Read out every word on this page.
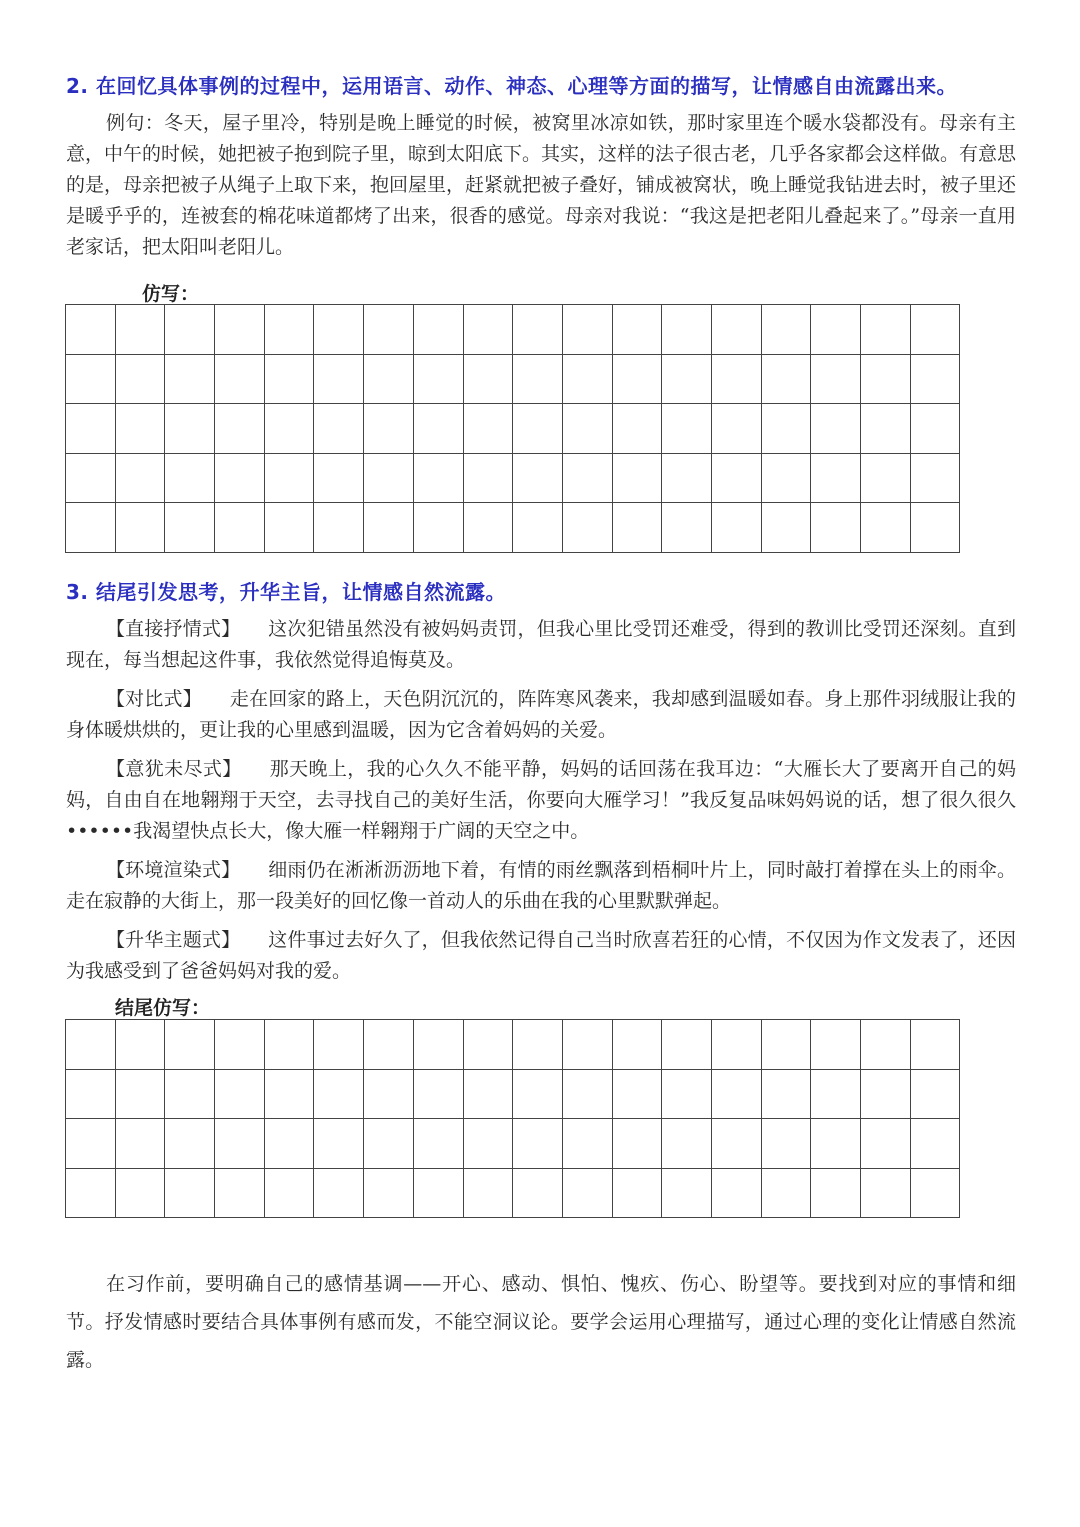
2. 在回忆具体事例的过程中，运用语言、动作、神态、心理等方面的描写，让情感自由流露出来。
例句：冬天，屋子里冷，特别是晚上睡觉的时候，被窝里冰凉如铁，那时家里连个暖水袋都没有。母亲有主意，中午的时候，她把被子抱到院子里，晾到太阳底下。其实，这样的法子很古老，几乎各家都会这样做。有意思的是，母亲把被子从绳子上取下来，抱回屋里，赶紧就把被子叠好，铺成被窝状，晚上睡觉我钻进去时，被子里还是暖乎乎的，连被套的棉花味道都烤了出来，很香的感觉。母亲对我说：“我这是把老阳儿叠起来了。”母亲一直用老家话，把太阳叫老阳儿。
仿写：

3. 结尾引发思考，升华主旨，让情感自然流露。
【直接抒情式】 这次犯错虽然没有被妈妈责罚，但我心里比受罚还难受，得到的教训比受罚还深刻。直到现在，每当想起这件事，我依然觉得追悔莫及。
【对比式】 走在回家的路上，天色阴沉沉的，阵阵寒风袭来，我却感到温暖如春。身上那件羽绒服让我的身体暖烘烘的，更让我的心里感到温暖，因为它含着妈妈的关爱。
【意犹未尽式】 那天晚上，我的心久久不能平静，妈妈的话回荡在我耳边：“大雁长大了要离开自己的妈妈，自由自在地翱翔于天空，去寻找自己的美好生活，你要向大雁学习！”我反复品味妈妈说的话，想了很久很久••••••我渴望快点长大，像大雁一样翱翔于广阔的天空之中。
【环境渲染式】 细雨仍在淅淅沥沥地下着，有情的雨丝飘落到梧桐叶片上，同时敲打着撑在头上的雨伞。走在寂静的大街上，那一段美好的回忆像一首动人的乐曲在我的心里默默弹起。
【升华主题式】 这件事过去好久了，但我依然记得自己当时欣喜若狂的心情，不仅因为作文发表了，还因为我感受到了爸爸妈妈对我的爱。
结尾仿写：

在习作前，要明确自己的感情基调——开心、感动、惧怕、愧疚、伤心、盼望等。要找到对应的事情和细节。抒发情感时要结合具体事例有感而发，不能空洞议论。要学会运用心理描写，通过心理的变化让情感自然流露。
